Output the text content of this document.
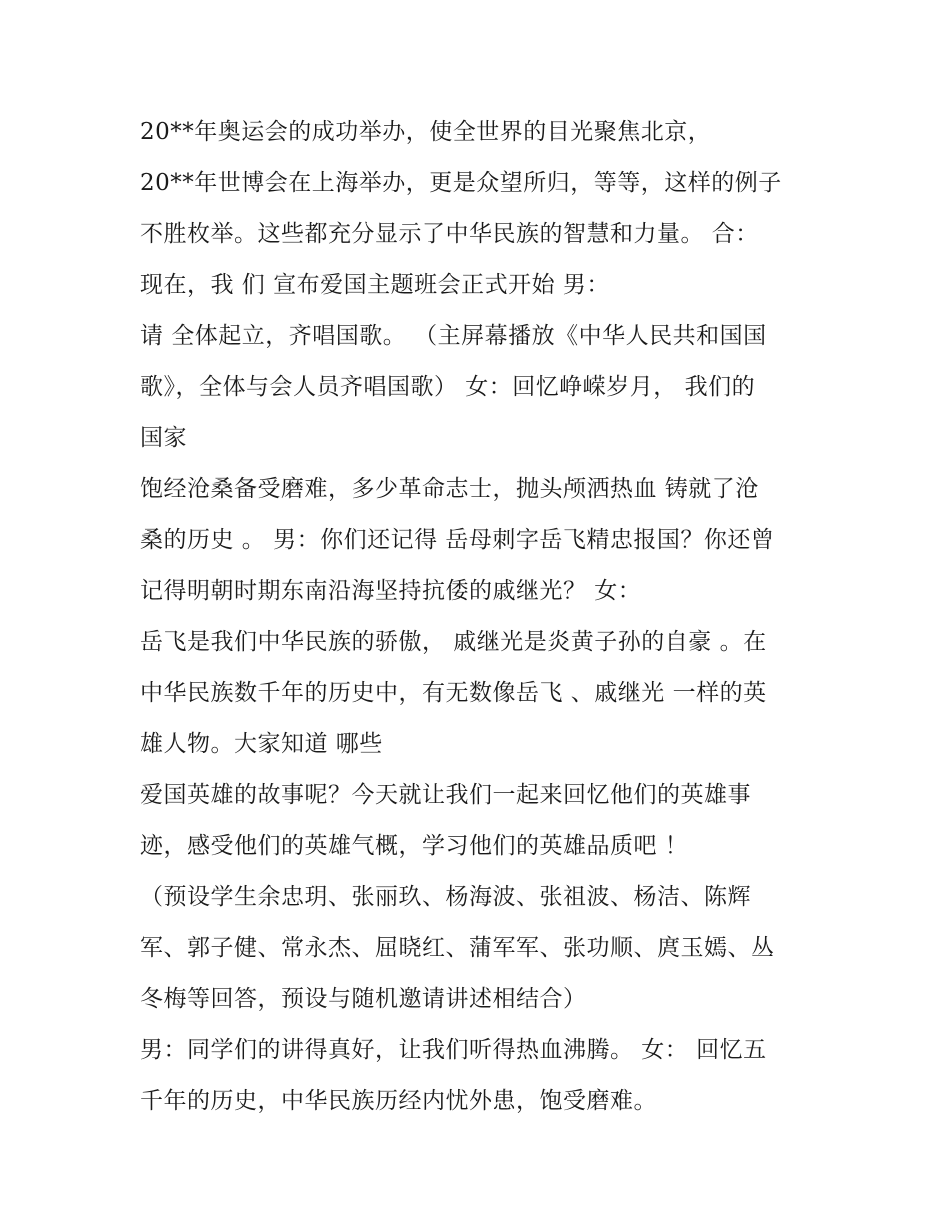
20**年奥运会的成功举办，使全世界的目光聚焦北京，
20**年世博会在上海举办，更是众望所归，等等，这样的例子
不胜枚举。这些都充分显示了中华民族的智慧和力量。 合：
现在，我 们 宣布爱国主题班会正式开始 男：
请 全体起立，齐唱国歌。 （主屏幕播放《中华人民共和国国
歌》，全体与会人员齐唱国歌） 女：回忆峥嵘岁月， 我们的
国家
饱经沧桑备受磨难，多少革命志士，抛头颅洒热血 铸就了沧
桑的历史 。 男：你们还记得 岳母刺字岳飞精忠报国？你还曾
记得明朝时期东南沿海坚持抗倭的戚继光？ 女：
岳飞是我们中华民族的骄傲， 戚继光是炎黄子孙的自豪 。在
中华民族数千年的历史中，有无数像岳飞 、戚继光 一样的英
雄人物。大家知道 哪些
爱国英雄的故事呢？今天就让我们一起来回忆他们的英雄事
迹，感受他们的英雄气概，学习他们的英雄品质吧 ！
（预设学生余忠玥、张丽玖、杨海波、张祖波、杨洁、陈辉
军、郭子健、常永杰、屈晓红、蒲军军、张功顺、庹玉嫣、丛
冬梅等回答，预设与随机邀请讲述相结合）
男：同学们的讲得真好，让我们听得热血沸腾。 女： 回忆五
千年的历史，中华民族历经内忧外患，饱受磨难。
